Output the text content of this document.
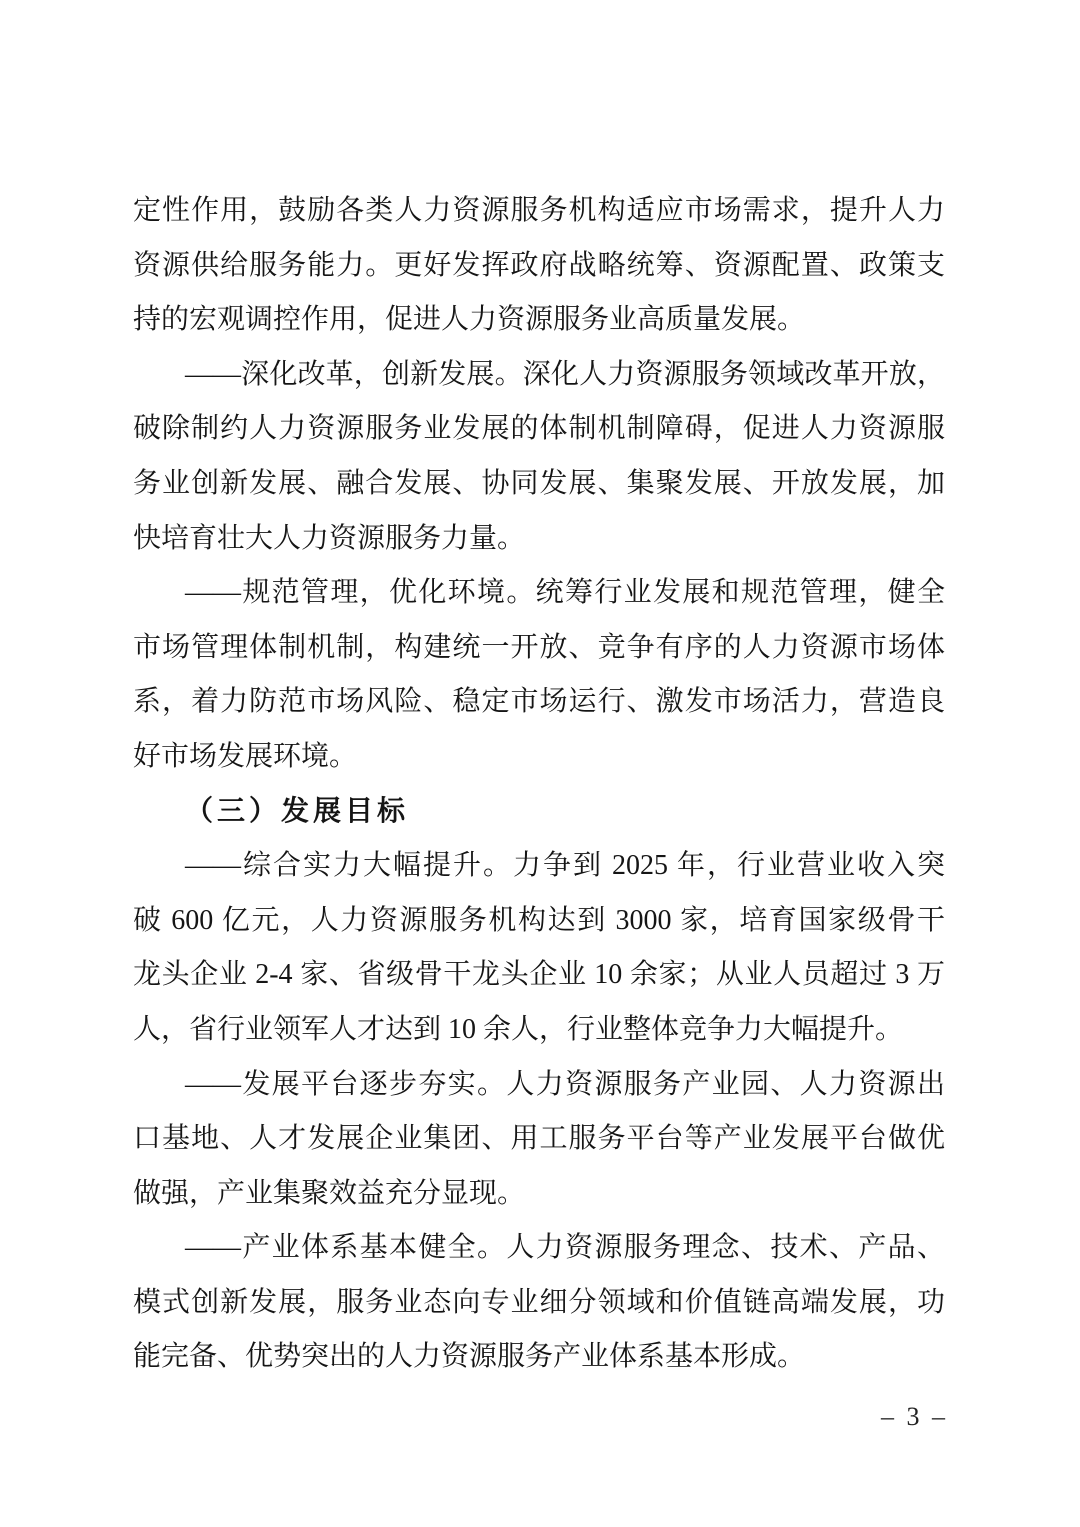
定性作用，鼓励各类人力资源服务机构适应市场需求，提升人力
资源供给服务能力。更好发挥政府战略统筹、资源配置、政策支
持的宏观调控作用，促进人力资源服务业高质量发展。
——深化改革，创新发展。深化人力资源服务领域改革开放，
破除制约人力资源服务业发展的体制机制障碍，促进人力资源服
务业创新发展、融合发展、协同发展、集聚发展、开放发展，加
快培育壮大人力资源服务力量。
——规范管理，优化环境。统筹行业发展和规范管理，健全
市场管理体制机制，构建统一开放、竞争有序的人力资源市场体
系，着力防范市场风险、稳定市场运行、激发市场活力，营造良
好市场发展环境。
（三）发展目标
——综合实力大幅提升。力争到 2025 年，行业营业收入突
破 600 亿元，人力资源服务机构达到 3000 家，培育国家级骨干
龙头企业 2-4 家、省级骨干龙头企业 10 余家；从业人员超过 3 万
人，省行业领军人才达到 10 余人，行业整体竞争力大幅提升。
——发展平台逐步夯实。人力资源服务产业园、人力资源出
口基地、人才发展企业集团、用工服务平台等产业发展平台做优
做强，产业集聚效益充分显现。
——产业体系基本健全。人力资源服务理念、技术、产品、
模式创新发展，服务业态向专业细分领域和价值链高端发展，功
能完备、优势突出的人力资源服务产业体系基本形成。
– 3 –
